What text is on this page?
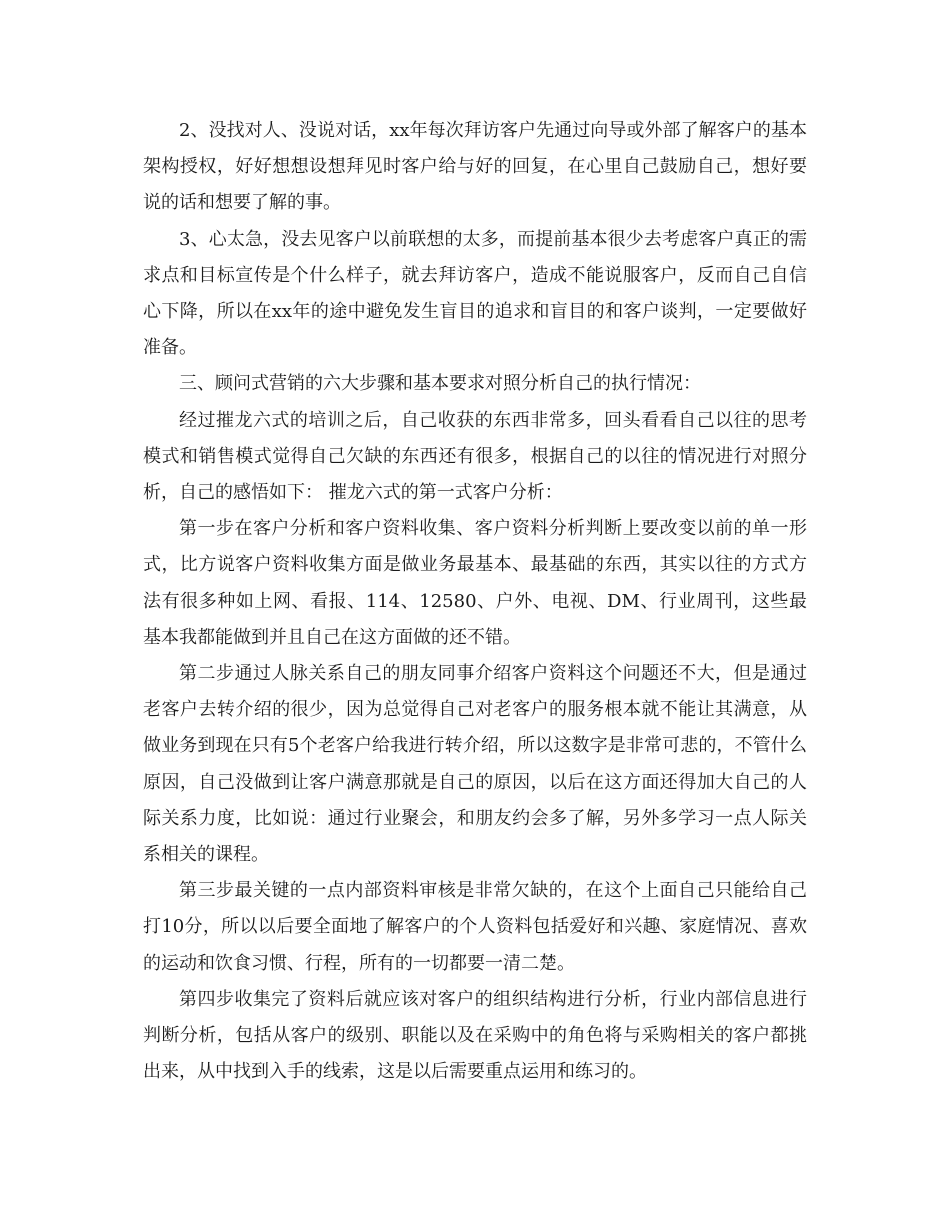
2、没找对人、没说对话，xx年每次拜访客户先通过向导或外部了解客户的基本架构授权，好好想想设想拜见时客户给与好的回复，在心里自己鼓励自己，想好要说的话和想要了解的事。

3、心太急，没去见客户以前联想的太多，而提前基本很少去考虑客户真正的需求点和目标宣传是个什么样子，就去拜访客户，造成不能说服客户，反而自己自信心下降，所以在xx年的途中避免发生盲目的追求和盲目的和客户谈判，一定要做好准备。

三、顾问式营销的六大步骤和基本要求对照分析自己的执行情况：

经过摧龙六式的培训之后，自己收获的东西非常多，回头看看自己以往的思考模式和销售模式觉得自己欠缺的东西还有很多，根据自己的以往的情况进行对照分析，自己的感悟如下： 摧龙六式的第一式客户分析：

第一步在客户分析和客户资料收集、客户资料分析判断上要改变以前的单一形式，比方说客户资料收集方面是做业务最基本、最基础的东西，其实以往的方式方法有很多种如上网、看报、114、12580、户外、电视、DM、行业周刊，这些最基本我都能做到并且自己在这方面做的还不错。

第二步通过人脉关系自己的朋友同事介绍客户资料这个问题还不大，但是通过老客户去转介绍的很少，因为总觉得自己对老客户的服务根本就不能让其满意，从做业务到现在只有5个老客户给我进行转介绍，所以这数字是非常可悲的，不管什么原因，自己没做到让客户满意那就是自己的原因，以后在这方面还得加大自己的人际关系力度，比如说：通过行业聚会，和朋友约会多了解，另外多学习一点人际关系相关的课程。

第三步最关键的一点内部资料审核是非常欠缺的，在这个上面自己只能给自己打10分，所以以后要全面地了解客户的个人资料包括爱好和兴趣、家庭情况、喜欢的运动和饮食习惯、行程，所有的一切都要一清二楚。

第四步收集完了资料后就应该对客户的组织结构进行分析，行业内部信息进行判断分析，包括从客户的级别、职能以及在采购中的角色将与采购相关的客户都挑出来，从中找到入手的线索，这是以后需要重点运用和练习的。
